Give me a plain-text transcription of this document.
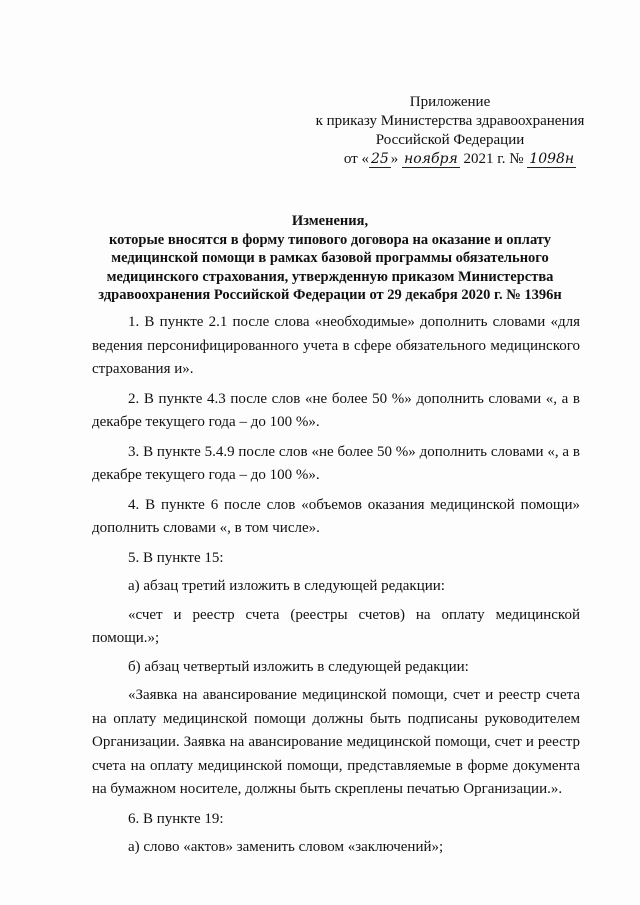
Приложение
к приказу Министерства здравоохранения
Российской Федерации
от « 25 » ноября 2021 г. № 1098н
Изменения,
которые вносятся в форму типового договора на оказание и оплату
медицинской помощи в рамках базовой программы обязательного
медицинского страхования, утвержденную приказом Министерства
здравоохранения Российской Федерации от 29 декабря 2020 г. № 1396н

1. В пункте 2.1 после слова «необходимые» дополнить словами «для ведения персонифицированного учета в сфере обязательного медицинского страхования и».

2. В пункте 4.3 после слов «не более 50 %» дополнить словами «, а в декабре текущего года – до 100 %».

3. В пункте 5.4.9 после слов «не более 50 %» дополнить словами «, а в декабре текущего года – до 100 %».

4. В пункте 6 после слов «объемов оказания медицинской помощи» дополнить словами «, в том числе».

5. В пункте 15:

а) абзац третий изложить в следующей редакции:

«счет и реестр счета (реестры счетов) на оплату медицинской помощи.»;

б) абзац четвертый изложить в следующей редакции:

«Заявка на авансирование медицинской помощи, счет и реестр счета на оплату медицинской помощи должны быть подписаны руководителем Организации. Заявка на авансирование медицинской помощи, счет и реестр счета на оплату медицинской помощи, представляемые в форме документа на бумажном носителе, должны быть скреплены печатью Организации.».

6. В пункте 19:

а) слово «актов» заменить словом «заключений»;
